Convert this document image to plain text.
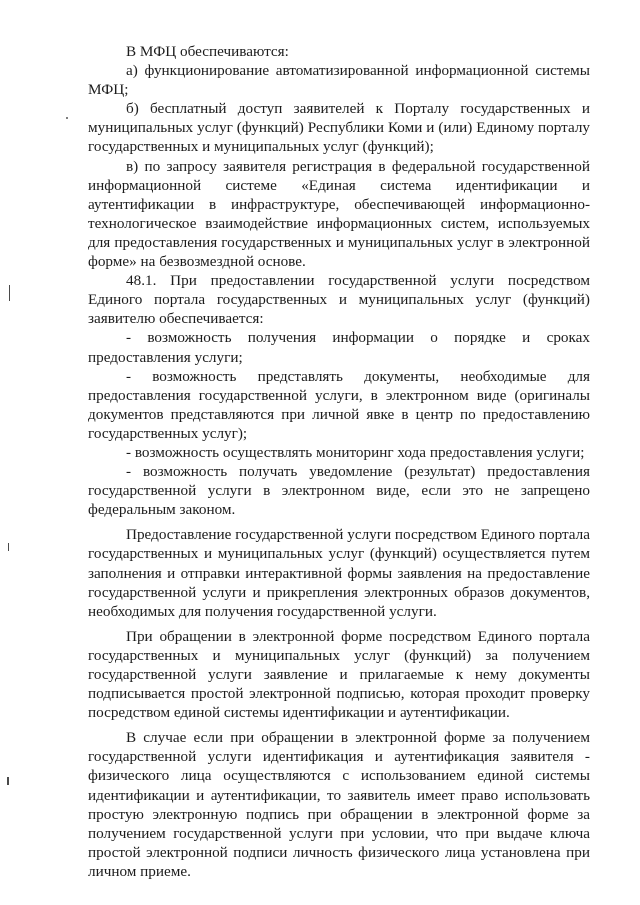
В МФЦ обеспечиваются:

а) функционирование автоматизированной информационной системы МФЦ;

б) бесплатный доступ заявителей к Порталу государственных и муниципальных услуг (функций) Республики Коми и (или) Единому порталу государственных и муниципальных услуг (функций);

в) по запросу заявителя регистрация в федеральной государственной информационной системе «Единая система идентификации и аутентификации в инфраструктуре, обеспечивающей информационно-технологическое взаимодействие информационных систем, используемых для предоставления государственных и муниципальных услуг в электронной форме» на безвозмездной основе.

48.1. При предоставлении государственной услуги посредством Единого портала государственных и муниципальных услуг (функций) заявителю обеспечивается:

- возможность получения информации о порядке и сроках предоставления услуги;

- возможность представлять документы, необходимые для предоставления государственной услуги, в электронном виде (оригиналы документов представляются при личной явке в центр по предоставлению государственных услуг);

- возможность осуществлять мониторинг хода предоставления услуги;

- возможность получать уведомление (результат) предоставления государственной услуги в электронном виде, если это не запрещено федеральным законом.

Предоставление государственной услуги посредством Единого портала государственных и муниципальных услуг (функций) осуществляется путем заполнения и отправки интерактивной формы заявления на предоставление государственной услуги и прикрепления электронных образов документов, необходимых для получения государственной услуги.

При обращении в электронной форме посредством Единого портала государственных и муниципальных услуг (функций) за получением государственной услуги заявление и прилагаемые к нему документы подписывается простой электронной подписью, которая проходит проверку посредством единой системы идентификации и аутентификации.

В случае если при обращении в электронной форме за получением государственной услуги идентификация и аутентификация заявителя - физического лица осуществляются с использованием единой системы идентификации и аутентификации, то заявитель имеет право использовать простую электронную подпись при обращении в электронной форме за получением государственной услуги при условии, что при выдаче ключа простой электронной подписи личность физического лица установлена при личном приеме.
